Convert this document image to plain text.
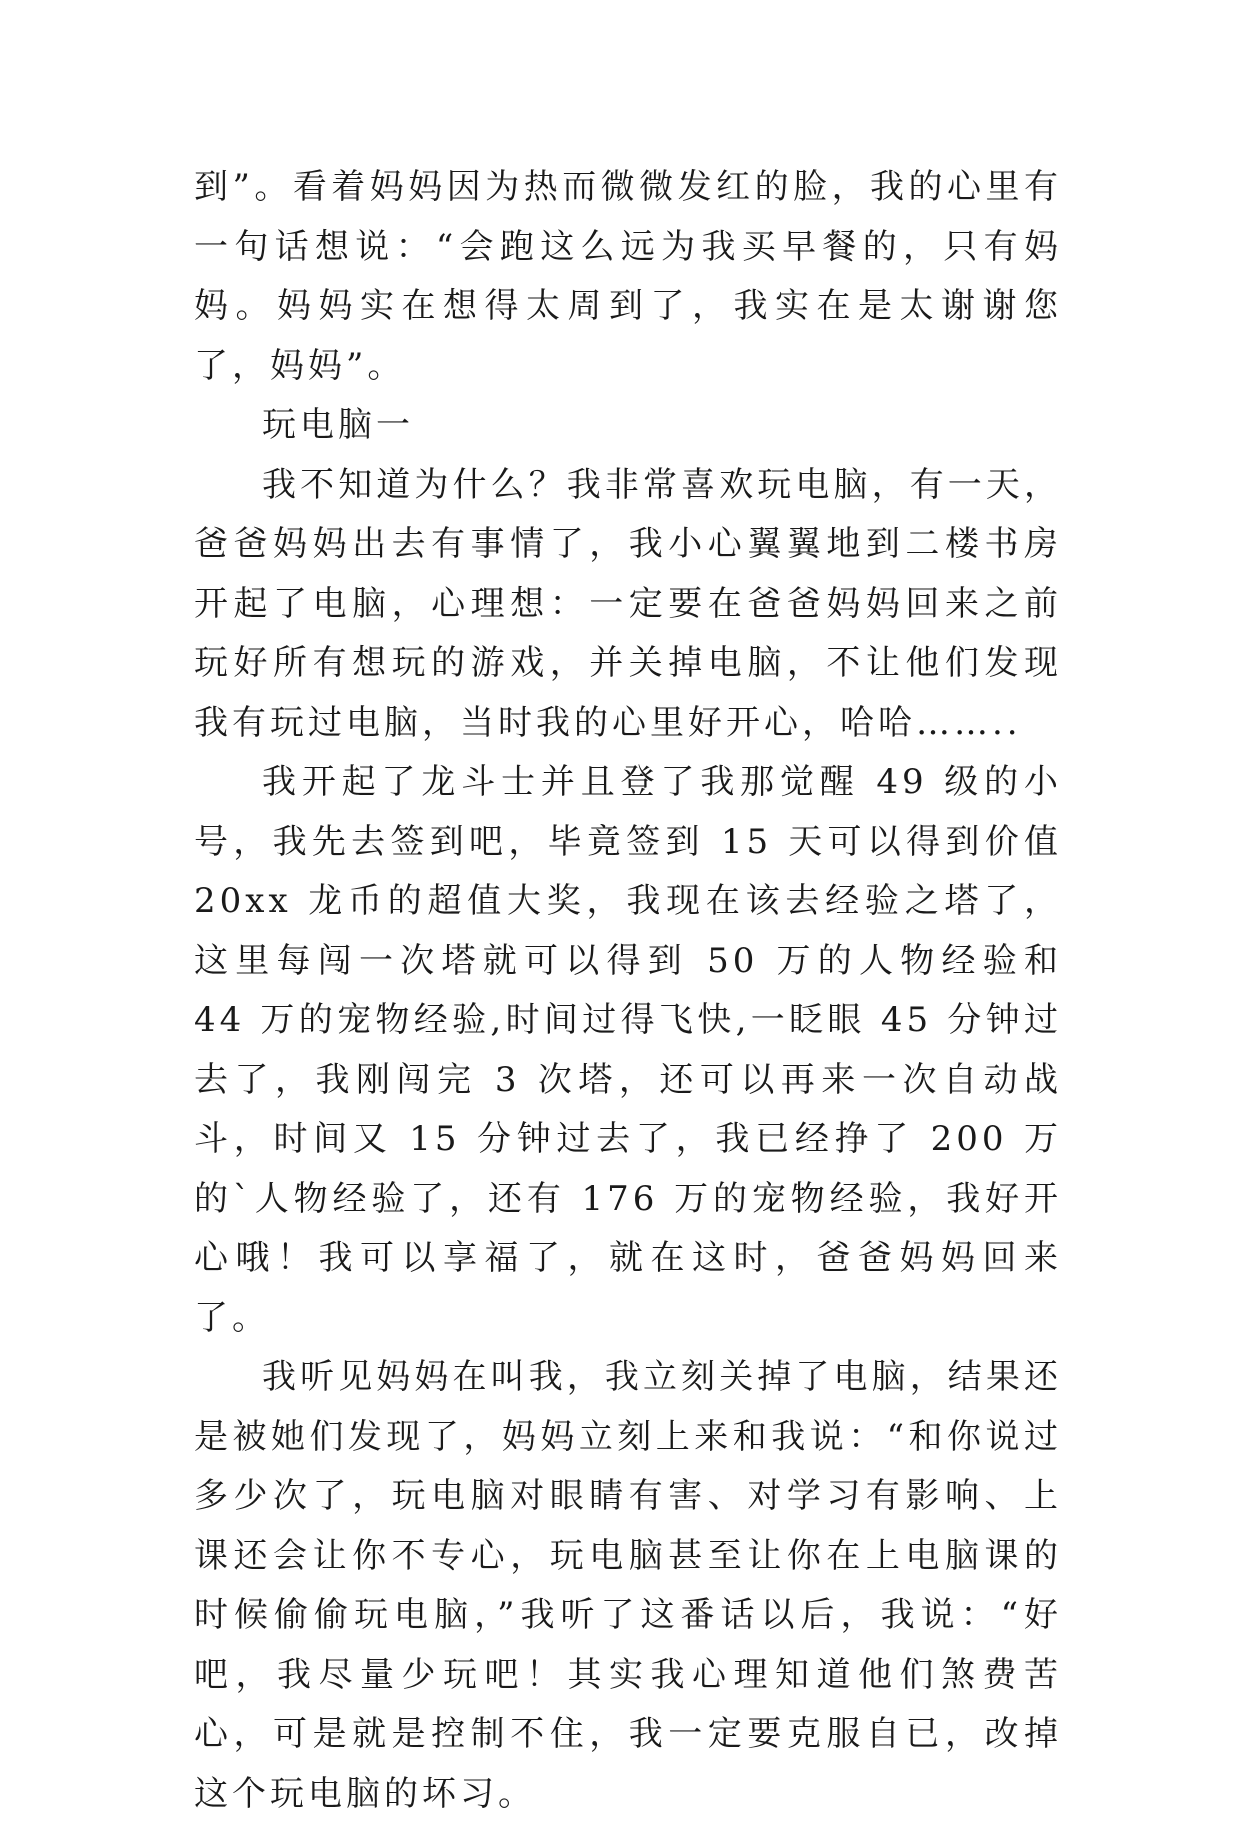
到”。看着妈妈因为热而微微发红的脸，我的心里有一句话想说：“会跑这么远为我买早餐的，只有妈妈。妈妈实在想得太周到了，我实在是太谢谢您了，妈妈”。

玩电脑一

我不知道为什么？我非常喜欢玩电脑，有一天，爸爸妈妈出去有事情了，我小心翼翼地到二楼书房开起了电脑，心理想：一定要在爸爸妈妈回来之前玩好所有想玩的游戏，并关掉电脑，不让他们发现我有玩过电脑，当时我的心里好开心，哈哈……..

我开起了龙斗士并且登了我那觉醒 49 级的小号，我先去签到吧，毕竟签到 15 天可以得到价值 20xx 龙币的超值大奖，我现在该去经验之塔了，这里每闯一次塔就可以得到 50 万的人物经验和 44 万的宠物经验,时间过得飞快,一眨眼 45 分钟过去了，我刚闯完 3 次塔，还可以再来一次自动战斗，时间又 15 分钟过去了，我已经挣了 200 万的`人物经验了，还有 176 万的宠物经验，我好开心哦！我可以享福了，就在这时，爸爸妈妈回来了。

我听见妈妈在叫我，我立刻关掉了电脑，结果还是被她们发现了，妈妈立刻上来和我说：“和你说过多少次了，玩电脑对眼睛有害、对学习有影响、上课还会让你不专心，玩电脑甚至让你在上电脑课的时候偷偷玩电脑，”我听了这番话以后，我说：“好吧，我尽量少玩吧！其实我心理知道他们煞费苦心，可是就是控制不住，我一定要克服自已，改掉这个玩电脑的坏习。
